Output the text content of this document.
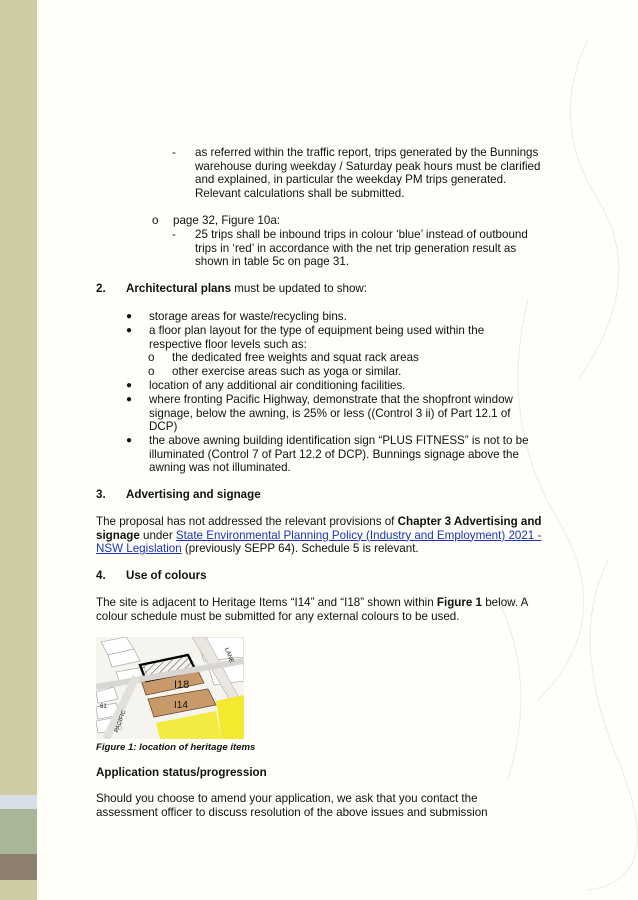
- as referred within the traffic report, trips generated by the Bunnings warehouse during weekday / Saturday peak hours must be clarified and explained, in particular the weekday PM trips generated. Relevant calculations shall be submitted.
o page 32, Figure 10a:
- 25 trips shall be inbound trips in colour ‘blue’ instead of outbound trips in ‘red’ in accordance with the net trip generation result as shown in table 5c on page 31.
2. Architectural plans must be updated to show:
● storage areas for waste/recycling bins.
● a floor plan layout for the type of equipment being used within the respective floor levels such as:
o the dedicated free weights and squat rack areas
o other exercise areas such as yoga or similar.
● location of any additional air conditioning facilities.
● where fronting Pacific Highway, demonstrate that the shopfront window signage, below the awning, is 25% or less ((Control 3 ii) of Part 12.1 of DCP)
● the above awning building identification sign “PLUS FITNESS” is not to be illuminated (Control 7 of Part 12.2 of DCP). Bunnings signage above the awning was not illuminated.
3. Advertising and signage
The proposal has not addressed the relevant provisions of Chapter 3 Advertising and signage under State Environmental Planning Policy (Industry and Employment) 2021 - NSW Legislation (previously SEPP 64). Schedule 5 is relevant.
4. Use of colours
The site is adjacent to Heritage Items “I14” and “I18” shown within Figure 1 below. A colour schedule must be submitted for any external colours to be used.
I18
I14
LANE
PACIFIC
61
Figure 1: location of heritage items
Application status/progression
Should you choose to amend your application, we ask that you contact the assessment officer to discuss resolution of the above issues and submission
